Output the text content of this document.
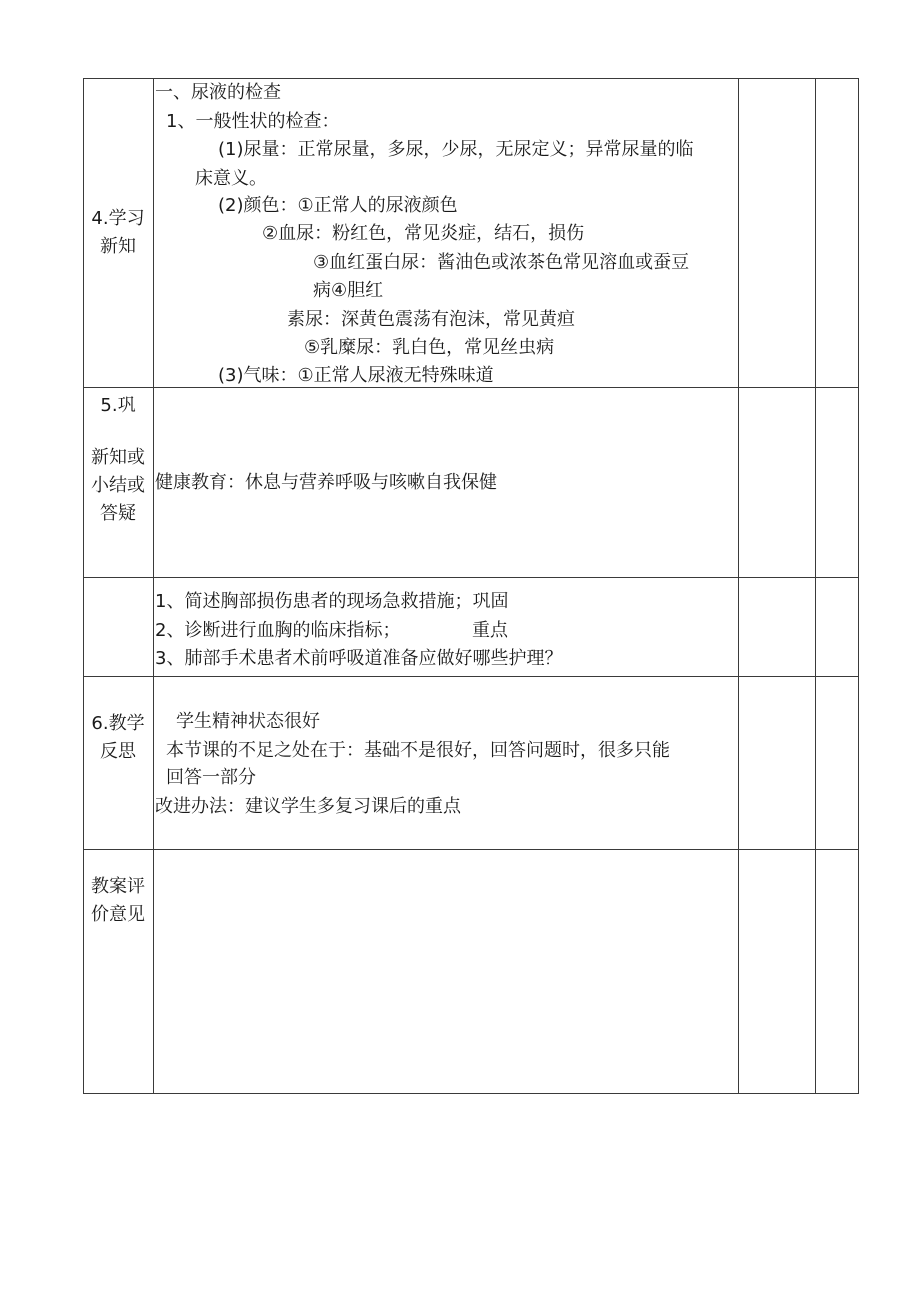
4.学习
新知
一、尿液的检查
1、一般性状的检查：
(1)尿量：正常尿量，多尿，少尿，无尿定义；异常尿量的临
床意义。
(2)颜色：①正常人的尿液颜色
②血尿：粉红色，常见炎症，结石，损伤
③血红蛋白尿：酱油色或浓茶色常见溶血或蚕豆
病④胆红
素尿：深黄色震荡有泡沫，常见黄疸
⑤乳糜尿：乳白色，常见丝虫病
(3)气味：①正常人尿液无特殊味道
5.巩
新知或
小结或
答疑
健康教育：休息与营养呼吸与咳嗽自我保健
1、简述胸部损伤患者的现场急救措施；巩固
2、诊断进行血胸的临床指标；	重点
3、肺部手术患者术前呼吸道准备应做好哪些护理？
6.教学
反思
学生精神状态很好
本节课的不足之处在于：基础不是很好，回答问题时，很多只能
回答一部分
改进办法：建议学生多复习课后的重点
教案评
价意见
